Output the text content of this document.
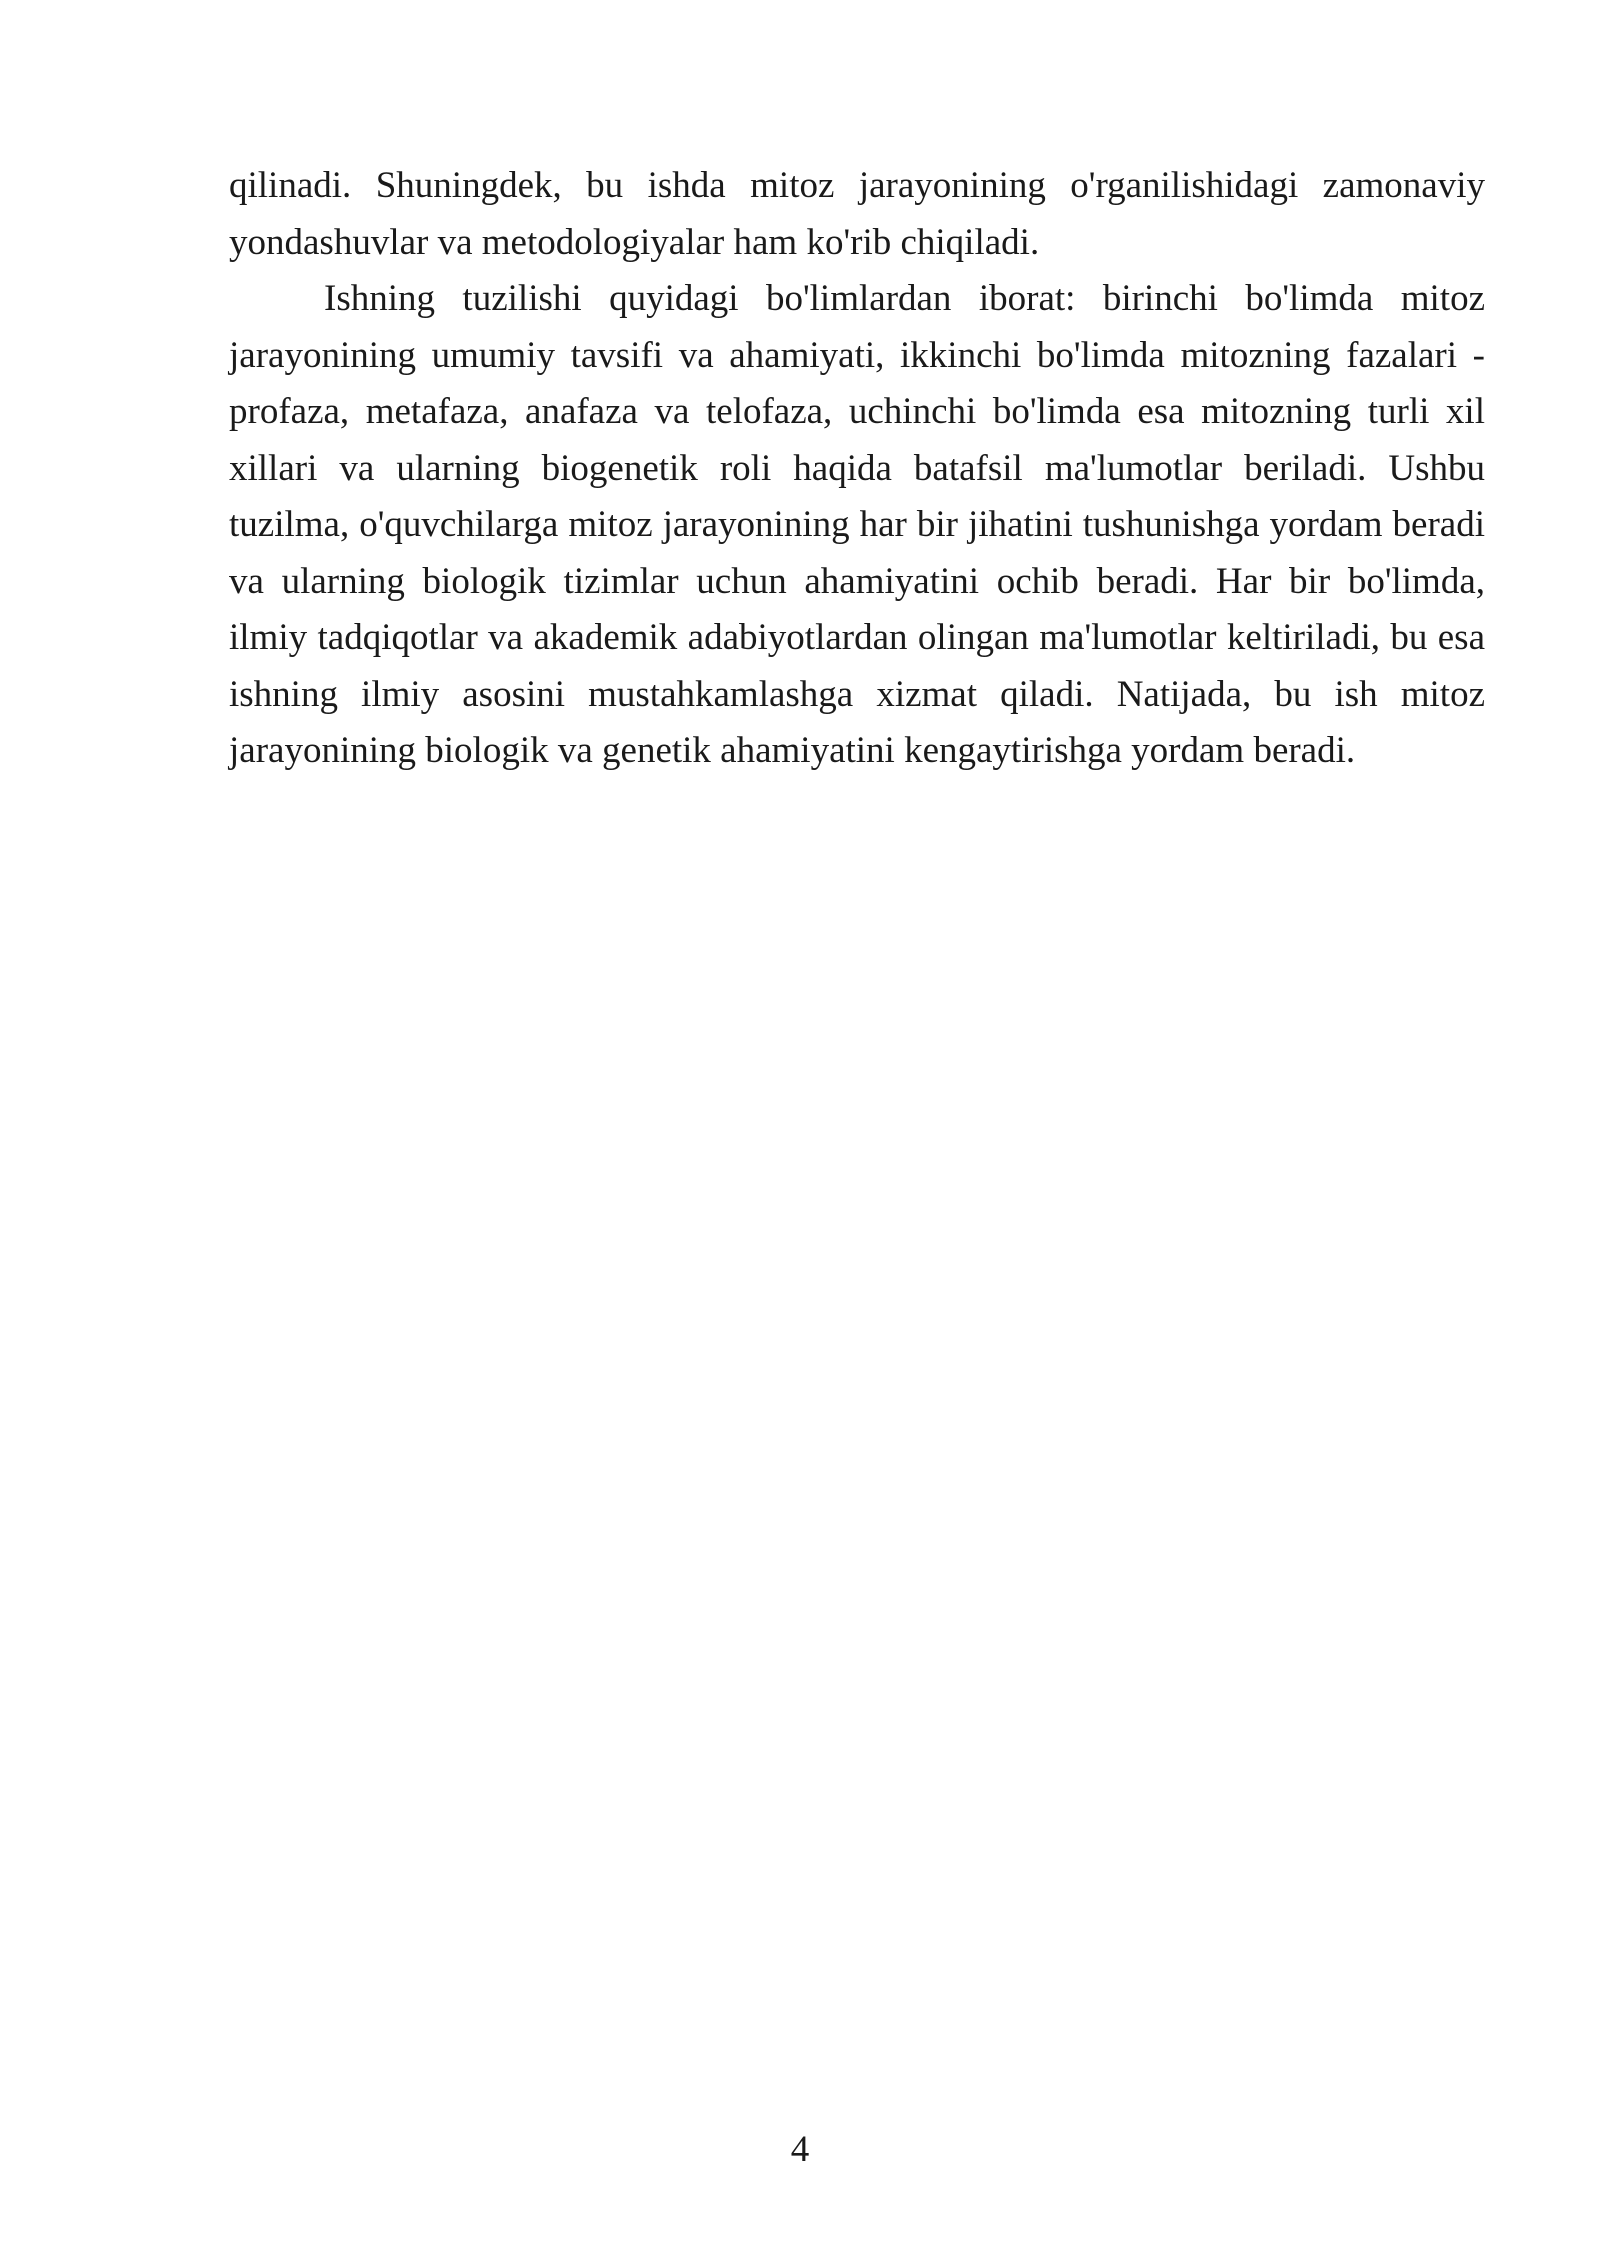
qilinadi. Shuningdek, bu ishda mitoz jarayonining o'rganilishidagi zamonaviy yondashuvlar va metodologiyalar ham ko'rib chiqiladi.

Ishning tuzilishi quyidagi bo'limlardan iborat: birinchi bo'limda mitoz jarayonining umumiy tavsifi va ahamiyati, ikkinchi bo'limda mitozning fazalari - profaza, metafaza, anafaza va telofaza, uchinchi bo'limda esa mitozning turli xil xillari va ularning biogenetik roli haqida batafsil ma'lumotlar beriladi. Ushbu tuzilma, o'quvchilarga mitoz jarayonining har bir jihatini tushunishga yordam beradi va ularning biologik tizimlar uchun ahamiyatini ochib beradi. Har bir bo'limda, ilmiy tadqiqotlar va akademik adabiyotlardan olingan ma'lumotlar keltiriladi, bu esa ishning ilmiy asosini mustahkamlashga xizmat qiladi. Natijada, bu ish mitoz jarayonining biologik va genetik ahamiyatini kengaytirishga yordam beradi.

4
